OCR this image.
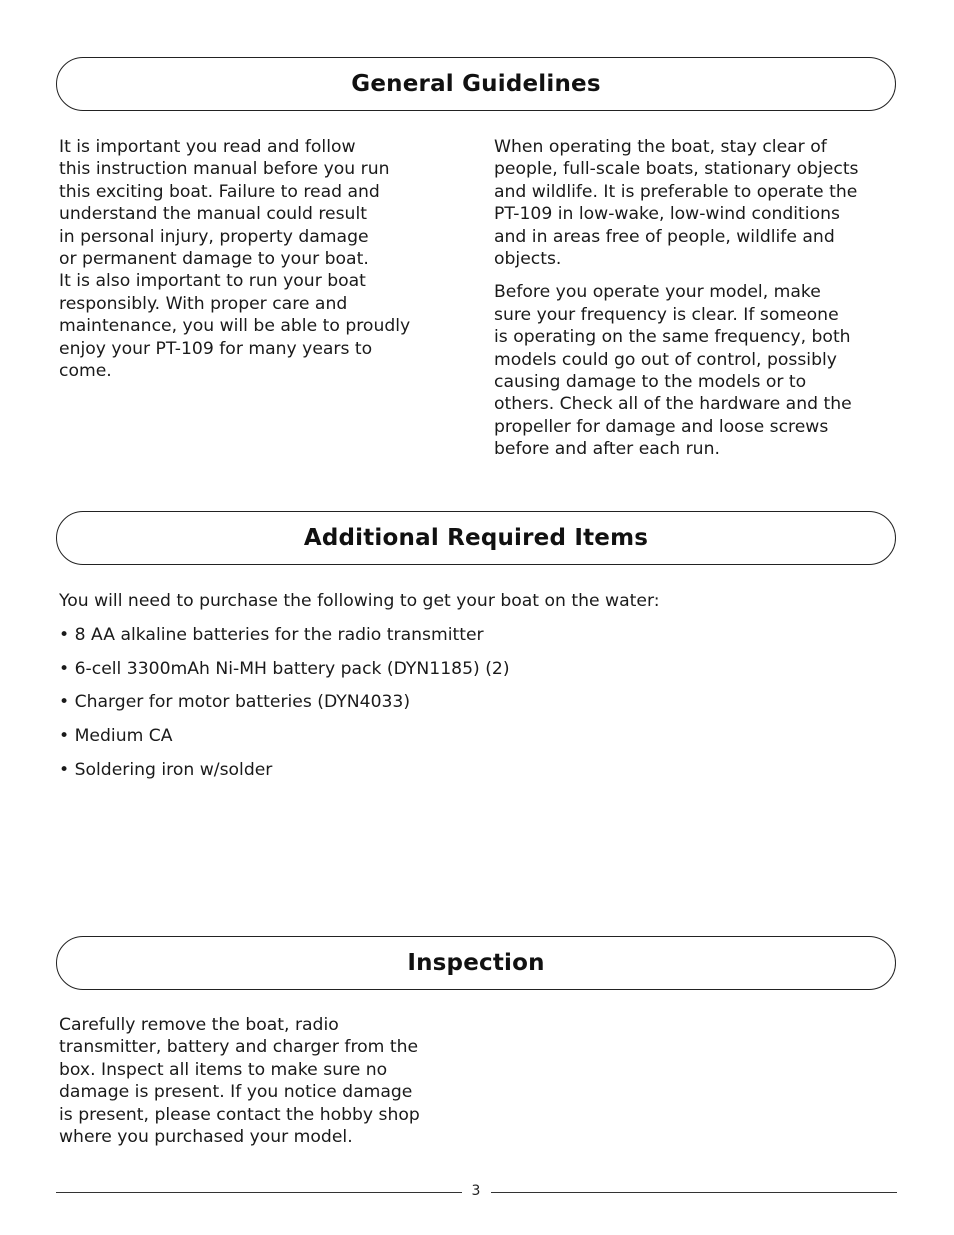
General Guidelines

It is important you read and follow
this instruction manual before you run
this exciting boat. Failure to read and
understand the manual could result
in personal injury, property damage
or permanent damage to your boat.
It is also important to run your boat
responsibly. With proper care and
maintenance, you will be able to proudly
enjoy your PT-109 for many years to
come.

When operating the boat, stay clear of
people, full-scale boats, stationary objects
and wildlife. It is preferable to operate the
PT-109 in low-wake, low-wind conditions
and in areas free of people, wildlife and
objects.

Before you operate your model, make
sure your frequency is clear. If someone
is operating on the same frequency, both
models could go out of control, possibly
causing damage to the models or to
others. Check all of the hardware and the
propeller for damage and loose screws
before and after each run.

Additional Required Items

You will need to purchase the following to get your boat on the water:

• 8 AA alkaline batteries for the radio transmitter
• 6-cell 3300mAh Ni-MH battery pack (DYN1185) (2)
• Charger for motor batteries (DYN4033)
• Medium CA
• Soldering iron w/solder
Inspection

Carefully remove the boat, radio
transmitter, battery and charger from the
box. Inspect all items to make sure no
damage is present. If you notice damage
is present, please contact the hobby shop
where you purchased your model.

3
